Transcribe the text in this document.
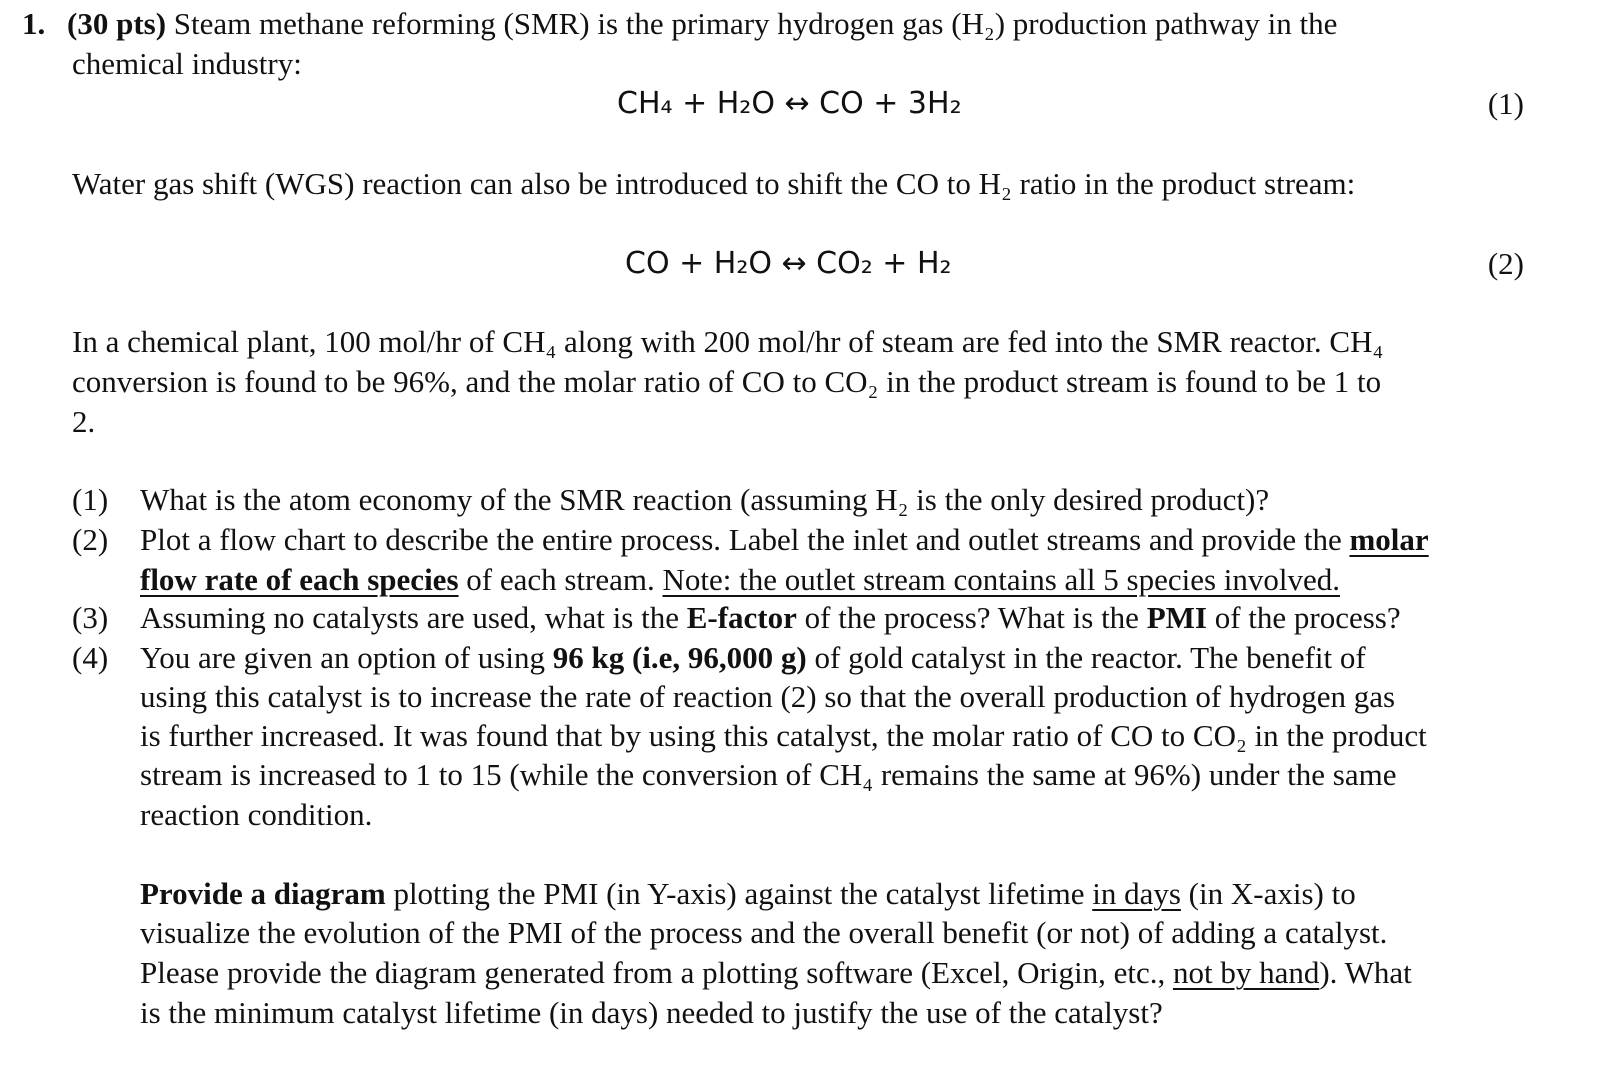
1. (30 pts) Steam methane reforming (SMR) is the primary hydrogen gas (H₂) production pathway in the
chemical industry:
CH₄ + H₂O ↔ CO + 3H₂	(1)
Water gas shift (WGS) reaction can also be introduced to shift the CO to H₂ ratio in the product stream:
CO + H₂O ↔ CO₂ + H₂	(2)
In a chemical plant, 100 mol/hr of CH₄ along with 200 mol/hr of steam are fed into the SMR reactor. CH₄
conversion is found to be 96%, and the molar ratio of CO to CO₂ in the product stream is found to be 1 to
2.
(1) What is the atom economy of the SMR reaction (assuming H₂ is the only desired product)?
(2) Plot a flow chart to describe the entire process. Label the inlet and outlet streams and provide the molar
flow rate of each species of each stream. Note: the outlet stream contains all 5 species involved.
(3) Assuming no catalysts are used, what is the E-factor of the process? What is the PMI of the process?
(4) You are given an option of using 96 kg (i.e, 96,000 g) of gold catalyst in the reactor. The benefit of
using this catalyst is to increase the rate of reaction (2) so that the overall production of hydrogen gas
is further increased. It was found that by using this catalyst, the molar ratio of CO to CO₂ in the product
stream is increased to 1 to 15 (while the conversion of CH₄ remains the same at 96%) under the same
reaction condition.
Provide a diagram plotting the PMI (in Y-axis) against the catalyst lifetime in days (in X-axis) to
visualize the evolution of the PMI of the process and the overall benefit (or not) of adding a catalyst.
Please provide the diagram generated from a plotting software (Excel, Origin, etc., not by hand). What
is the minimum catalyst lifetime (in days) needed to justify the use of the catalyst?
